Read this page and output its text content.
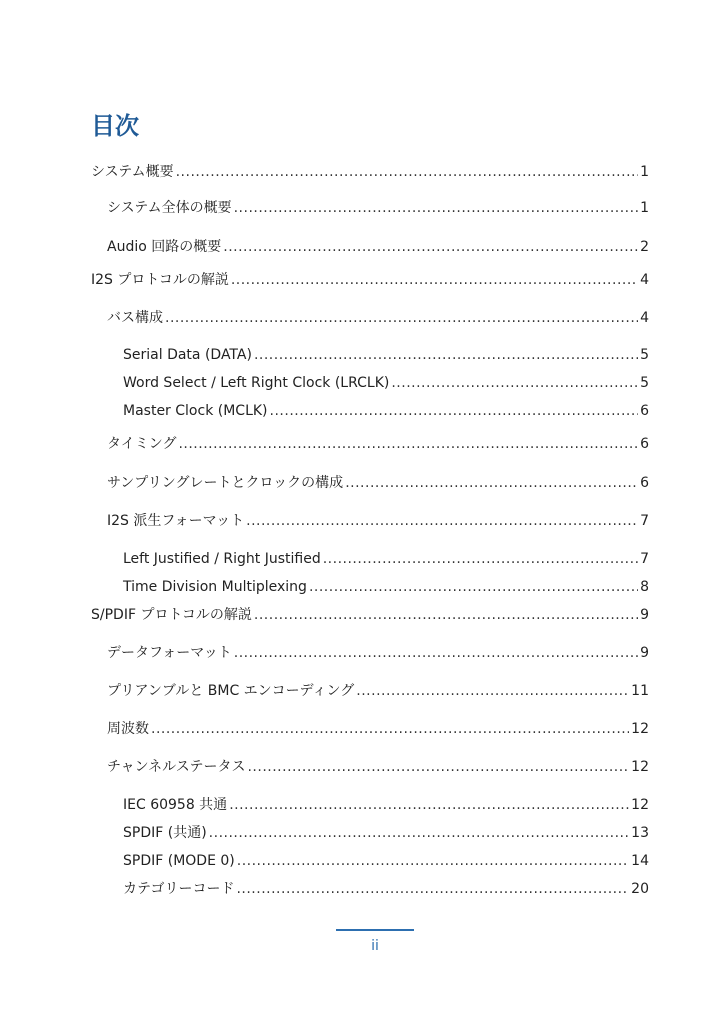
目次
システム概要 .....	1
システム全体の概要 .....	1
Audio 回路の概要 .....	2
I2S プロトコルの解説 .....	4
バス構成 .....	4
Serial Data (DATA) .....	5
Word Select / Left Right Clock (LRCLK) .....	5
Master Clock (MCLK) .....	6
タイミング .....	6
サンプリングレートとクロックの構成 .....	6
I2S 派生フォーマット .....	7
Left Justified / Right Justified .....	7
Time Division Multiplexing .....	8
S/PDIF プロトコルの解説 .....	9
データフォーマット .....	9
プリアンブルと BMC エンコーディング .....	11
周波数 .....	12
チャンネルステータス .....	12
IEC 60958 共通 .....	12
SPDIF (共通) .....	13
SPDIF (MODE 0) .....	14
カテゴリーコード .....	20
ii
